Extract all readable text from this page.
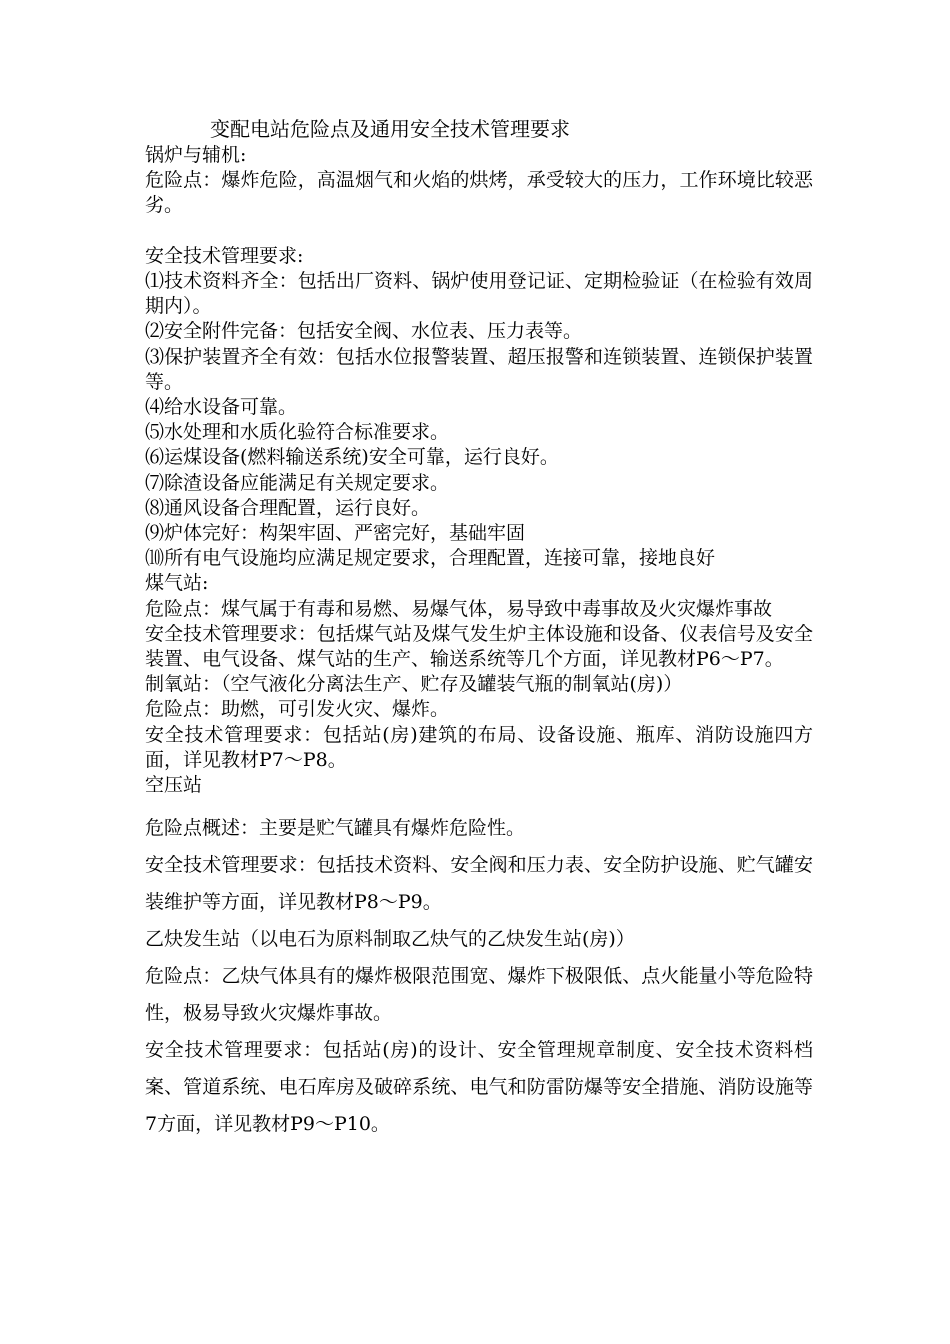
变配电站危险点及通用安全技术管理要求

锅炉与辅机:

危险点：爆炸危险，高温烟气和火焰的烘烤，承受较大的压力，工作环境比较恶劣。

安全技术管理要求:

⑴技术资料齐全：包括出厂资料、锅炉使用登记证、定期检验证（在检验有效周期内）。

⑵安全附件完备：包括安全阀、水位表、压力表等。

⑶保护装置齐全有效：包括水位报警装置、超压报警和连锁装置、连锁保护装置等。

⑷给水设备可靠。

⑸水处理和水质化验符合标准要求。

⑹运煤设备(燃料输送系统)安全可靠，运行良好。

⑺除渣设备应能满足有关规定要求。

⑻通风设备合理配置，运行良好。

⑼炉体完好：构架牢固、严密完好，基础牢固

⑽所有电气设施均应满足规定要求，合理配置，连接可靠，接地良好

煤气站:

危险点：煤气属于有毒和易燃、易爆气体，易导致中毒事故及火灾爆炸事故

安全技术管理要求：包括煤气站及煤气发生炉主体设施和设备、仪表信号及安全装置、电气设备、煤气站的生产、输送系统等几个方面，详见教材P6～P7。

制氧站：（空气液化分离法生产、贮存及罐装气瓶的制氧站(房)）

危险点：助燃，可引发火灾、爆炸。

安全技术管理要求：包括站(房)建筑的布局、设备设施、瓶库、消防设施四方面，详见教材P7～P8。

空压站

危险点概述：主要是贮气罐具有爆炸危险性。

安全技术管理要求：包括技术资料、安全阀和压力表、安全防护设施、贮气罐安装维护等方面，详见教材P8～P9。

乙炔发生站（以电石为原料制取乙炔气的乙炔发生站(房)）

危险点：乙炔气体具有的爆炸极限范围宽、爆炸下极限低、点火能量小等危险特性，极易导致火灾爆炸事故。

安全技术管理要求：包括站(房)的设计、安全管理规章制度、安全技术资料档案、管道系统、电石库房及破碎系统、电气和防雷防爆等安全措施、消防设施等7方面，详见教材P9～P10。
